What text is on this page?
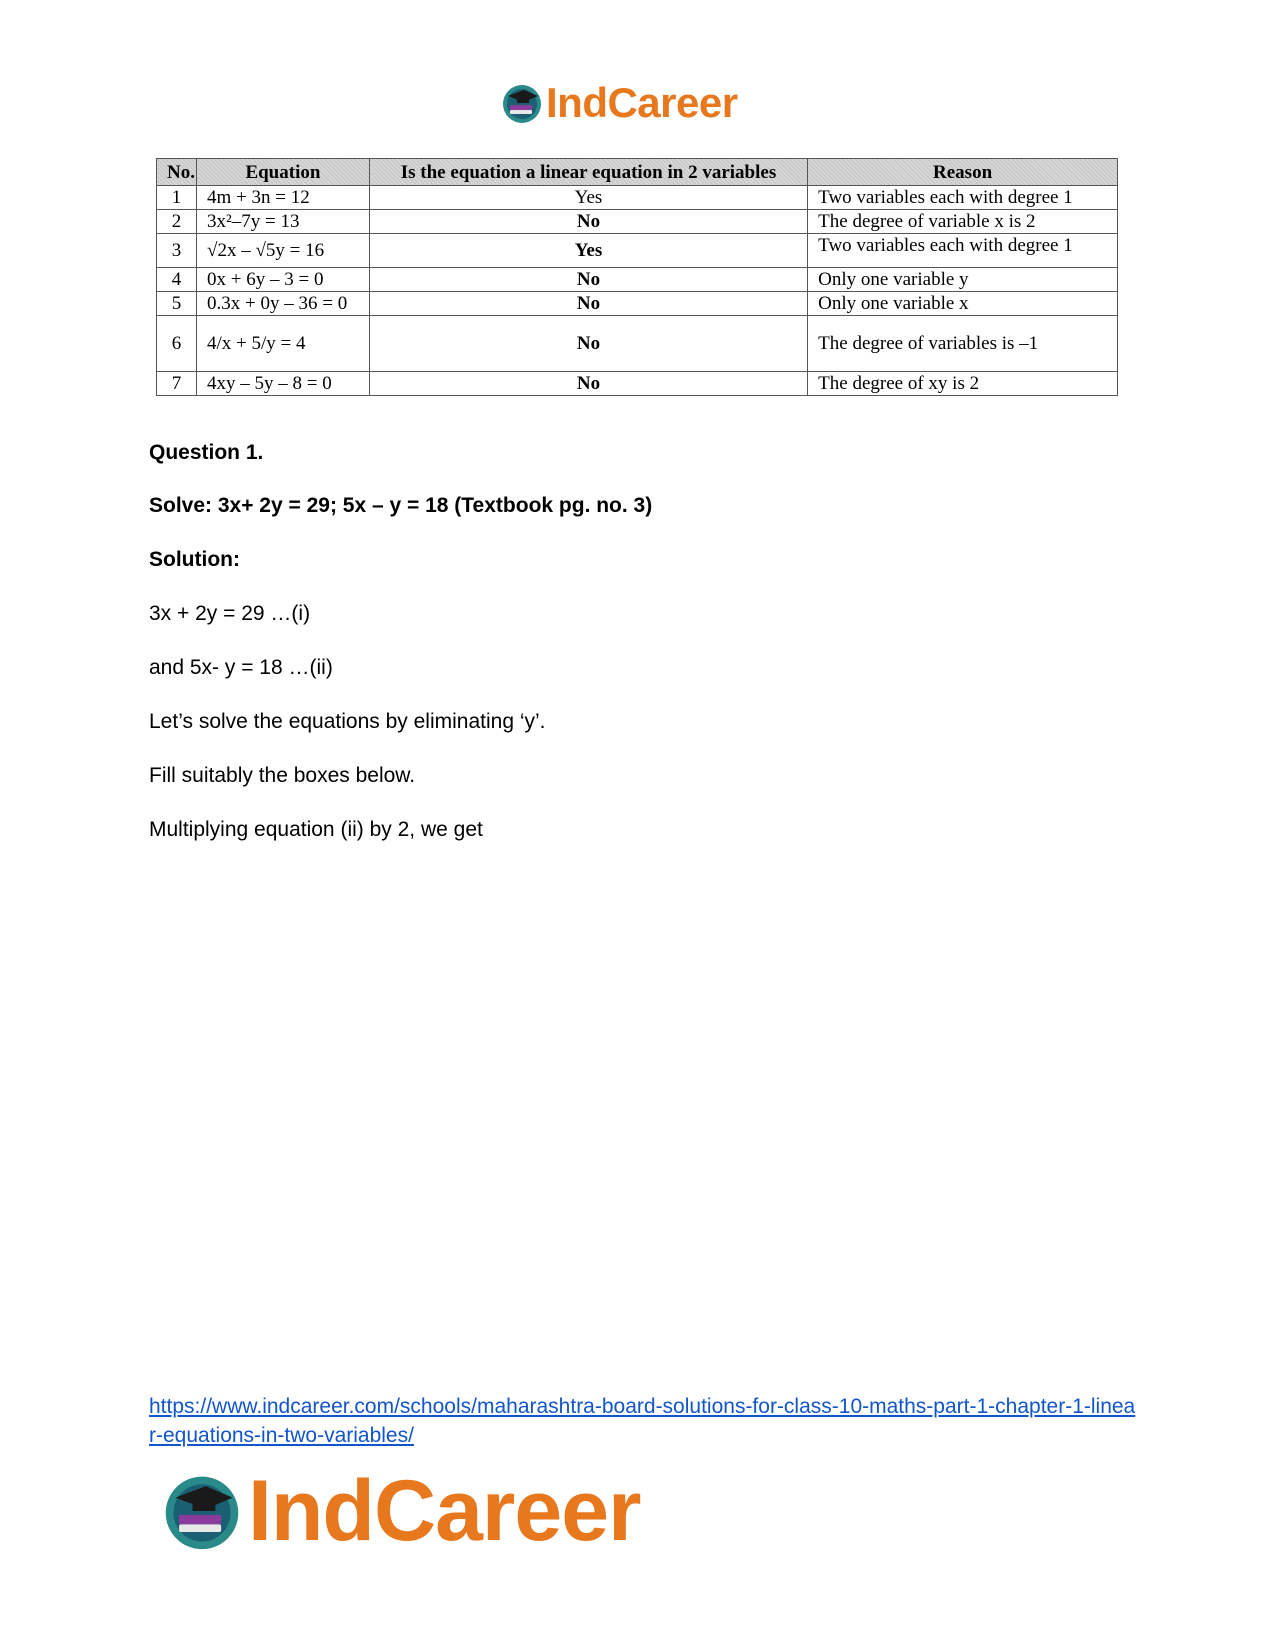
IndCareer
No.	Equation	Is the equation a linear equation in 2 variables	Reason
1	4m + 3n = 12	Yes	Two variables each with degree 1
2	3x²–7y = 13	No	The degree of variable x is 2
3	√2x – √5y = 16	Yes	Two variables each with degree 1
4	0x + 6y – 3 = 0	No	Only one variable y
5	0.3x + 0y – 36 = 0	No	Only one variable x
6	4/x + 5/y = 4	No	The degree of variables is –1
7	4xy – 5y – 8 = 0	No	The degree of xy is 2
Question 1.
Solve: 3x+ 2y = 29; 5x – y = 18 (Textbook pg. no. 3)
Solution:
3x + 2y = 29 …(i)
and 5x- y = 18 …(ii)
Let’s solve the equations by eliminating ‘y’.
Fill suitably the boxes below.
Multiplying equation (ii) by 2, we get
https://www.indcareer.com/schools/maharashtra-board-solutions-for-class-10-maths-part-1-chapter-1-linear-equations-in-two-variables/
IndCareer
